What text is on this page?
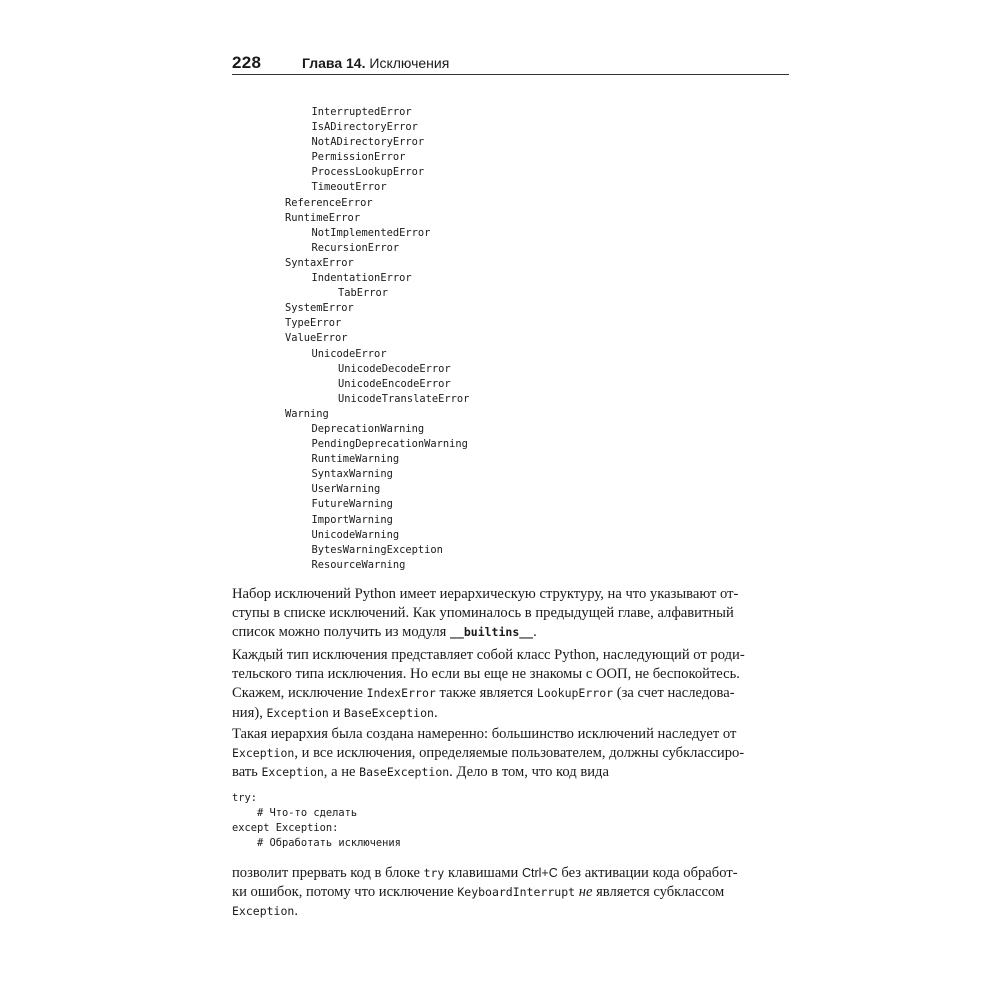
228	Глава 14. Исключения
InterruptedError
IsADirectoryError
NotADirectoryError
PermissionError
ProcessLookupError
TimeoutError
ReferenceError
RuntimeError
NotImplementedError
RecursionError
SyntaxError
IndentationError
TabError
SystemError
TypeError
ValueError
UnicodeError
UnicodeDecodeError
UnicodeEncodeError
UnicodeTranslateError
Warning
DeprecationWarning
PendingDeprecationWarning
RuntimeWarning
SyntaxWarning
UserWarning
FutureWarning
ImportWarning
UnicodeWarning
BytesWarningException
ResourceWarning
Набор исключений Python имеет иерархическую структуру, на что указывают от-
ступы в списке исключений. Как упоминалось в предыдущей главе, алфавитный
список можно получить из модуля __builtins__.
Каждый тип исключения представляет собой класс Python, наследующий от роди-
тельского типа исключения. Но если вы еще не знакомы с ООП, не беспокойтесь.
Скажем, исключение IndexError также является LookupError (за счет наследова-
ния), Exception и BaseException.
Такая иерархия была создана намеренно: большинство исключений наследует от
Exception, и все исключения, определяемые пользователем, должны субклассиро-
вать Exception, а не BaseException. Дело в том, что код вида
try:
# Что-то сделать
except Exception:
# Обработать исключения
позволит прервать код в блоке try клавишами Ctrl+C без активации кода обработ-
ки ошибок, потому что исключение KeyboardInterrupt не является субклассом
Exception.
